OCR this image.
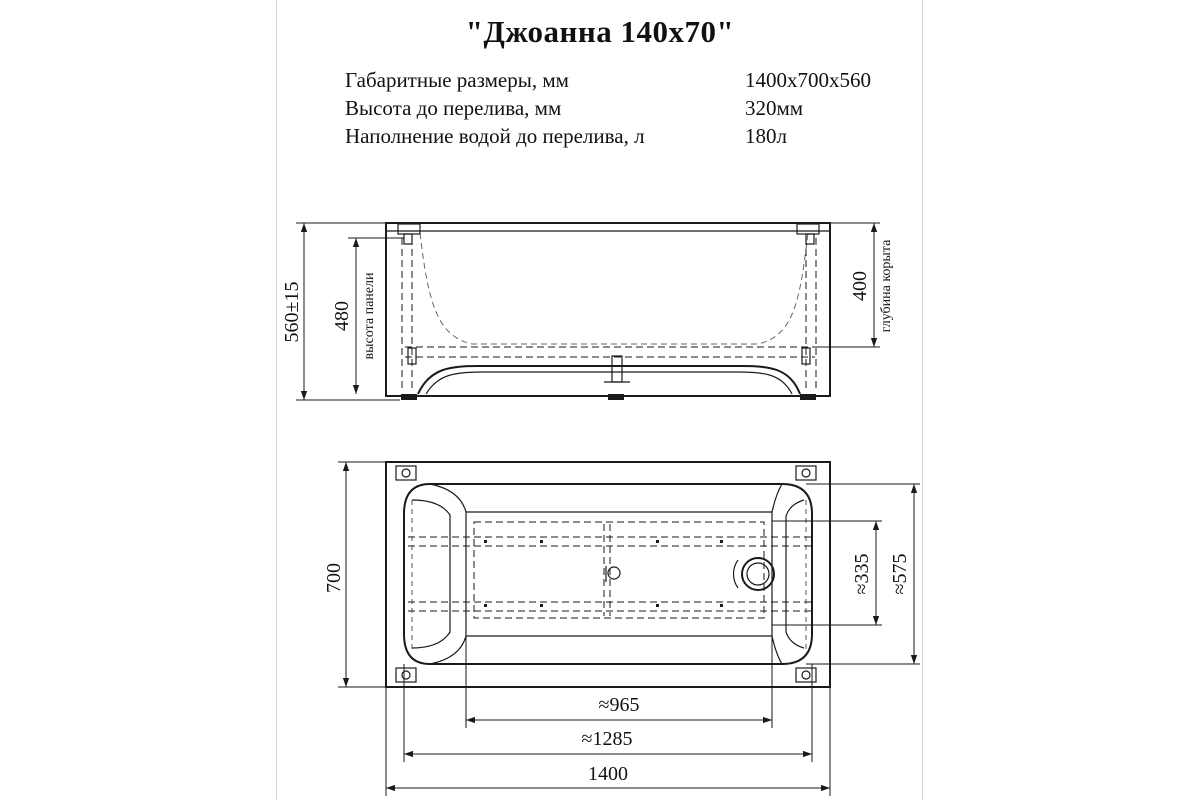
"Джоанна 140х70"
Габаритные размеры, мм	1400х700х560
Высота до перелива, мм	320мм
Наполнение водой до перелива, л	180л
560±15 480 высота панели	400 глубина корыта
700	≈335 ≈575
≈965
≈1285
1400
